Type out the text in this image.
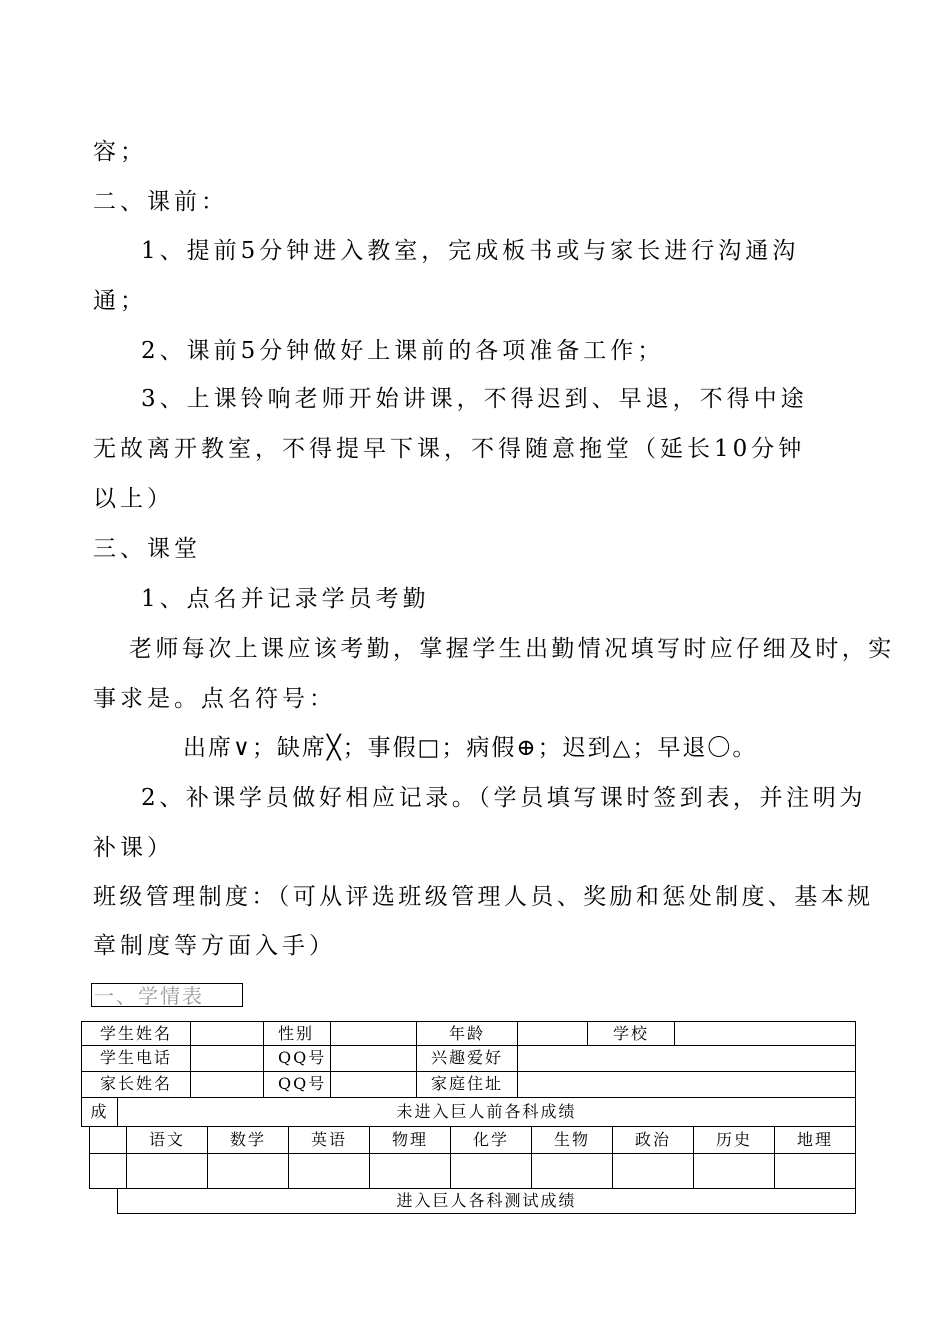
容；
二、课前：
1、提前5分钟进入教室，完成板书或与家长进行沟通沟
通；
2、课前5分钟做好上课前的各项准备工作；
3、上课铃响老师开始讲课，不得迟到、早退，不得中途
无故离开教室，不得提早下课，不得随意拖堂（延长10分钟
以上）
三、课堂
1、点名并记录学员考勤
老师每次上课应该考勤，掌握学生出勤情况填写时应仔细及时，实
事求是。点名符号：
出席∨；缺席╳；事假□；病假⊕；迟到△；早退〇。
2、补课学员做好相应记录。（学员填写课时签到表，并注明为
补课）
班级管理制度：（可从评选班级管理人员、奖励和惩处制度、基本规
章制度等方面入手）
一、学情表
学生姓名	性别	年龄	学校
学生电话	QQ号	兴趣爱好
家长姓名	QQ号	家庭住址
成	未进入巨人前各科成绩
语文	数学	英语	物理	化学	生物	政治	历史	地理
进入巨人各科测试成绩
